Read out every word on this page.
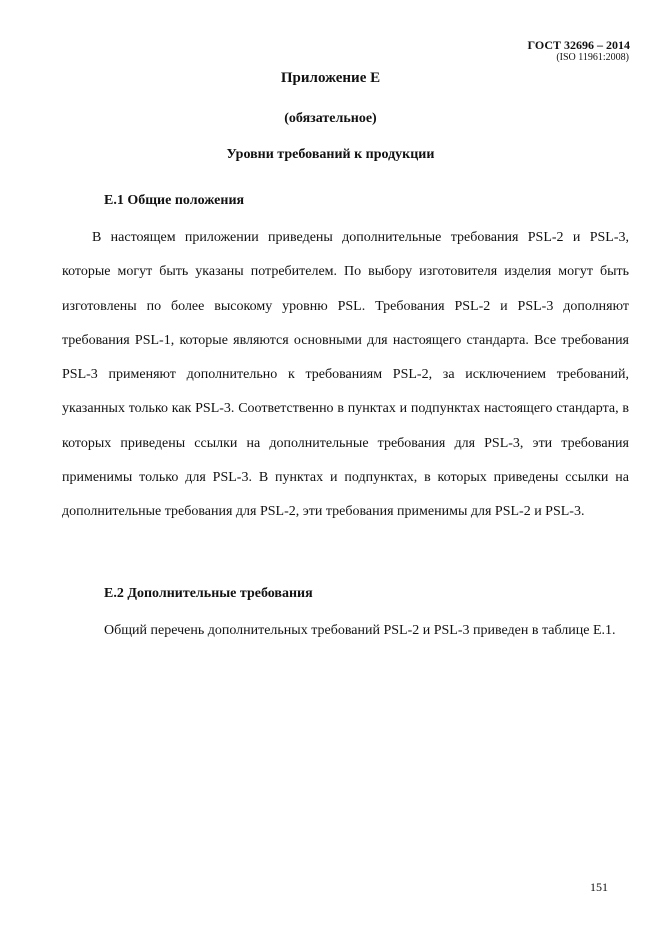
ГОСТ 32696 – 2014
(ISO 11961:2008)
Приложение Е
(обязательное)
Уровни требований к продукции
Е.1 Общие положения

В настоящем приложении приведены дополнительные требования PSL-2 и PSL-3, которые могут быть указаны потребителем. По выбору изготовителя изделия могут быть изготовлены по более высокому уровню PSL. Требования PSL-2 и PSL-3 дополняют требования PSL-1, которые являются основными для настоящего стандарта. Все требования PSL-3 применяют дополнительно к требованиям PSL-2, за исключением требований, указанных только как PSL-3. Соответственно в пунктах и подпунктах настоящего стандарта, в которых приведены ссылки на дополнительные требования для PSL-3, эти требования применимы только для PSL-3. В пунктах и подпунктах, в которых приведены ссылки на дополнительные требования для PSL-2, эти требования применимы для PSL-2 и PSL-3.

Е.2 Дополнительные требования

Общий перечень дополнительных требований PSL-2 и PSL-3 приведен в таблице Е.1.

151
